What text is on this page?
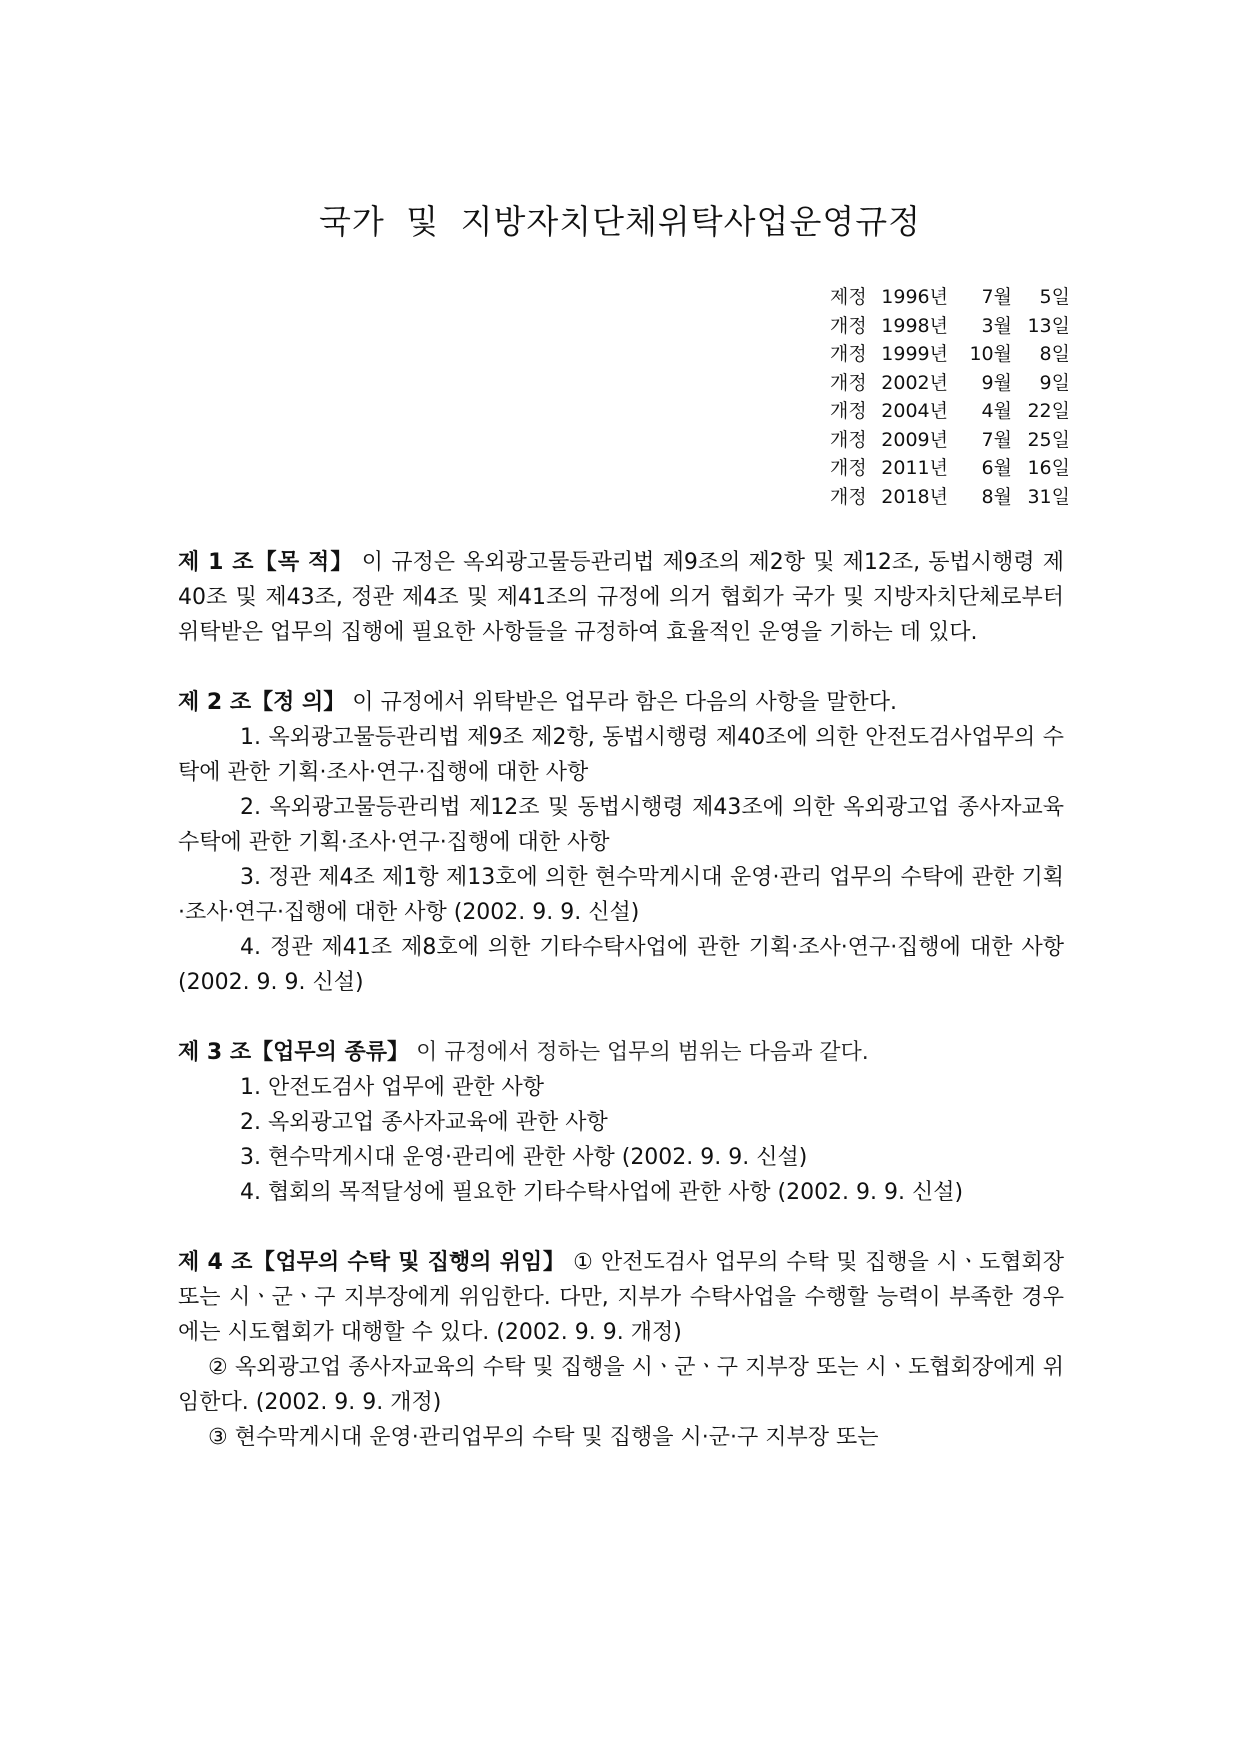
국가 및 지방자치단체위탁사업운영규정
제정 1996년	7월	5일
개정 1998년	3월 13일
개정 1999년	10월	8일
개정 2002년	9월	9일
개정 2004년	4월 22일
개정 2009년	7월 25일
개정 2011년	6월 16일
개정 2018년	8월 31일

제 1 조【목 적】 이 규정은 옥외광고물등관리법 제9조의 제2항 및 제12조, 동법시행령 제40조 및 제43조, 정관 제4조 및 제41조의 규정에 의거 협회가 국가 및 지방자치단체로부터 위탁받은 업무의 집행에 필요한 사항들을 규정하여 효율적인 운영을 기하는 데 있다.

제 2 조【정 의】 이 규정에서 위탁받은 업무라 함은 다음의 사항을 말한다.

1. 옥외광고물등관리법 제9조 제2항, 동법시행령 제40조에 의한 안전도검사업무의 수탁에 관한 기획·조사·연구·집행에 대한 사항

2. 옥외광고물등관리법 제12조 및 동법시행령 제43조에 의한 옥외광고업 종사자교육 수탁에 관한 기획·조사·연구·집행에 대한 사항

3. 정관 제4조 제1항 제13호에 의한 현수막게시대 운영·관리 업무의 수탁에 관한 기획·조사·연구·집행에 대한 사항 (2002. 9. 9. 신설)

4. 정관 제41조 제8호에 의한 기타수탁사업에 관한 기획·조사·연구·집행에 대한 사항(2002. 9. 9. 신설)

제 3 조【업무의 종류】 이 규정에서 정하는 업무의 범위는 다음과 같다.

1. 안전도검사 업무에 관한 사항

2. 옥외광고업 종사자교육에 관한 사항

3. 현수막게시대 운영·관리에 관한 사항 (2002. 9. 9. 신설)

4. 협회의 목적달성에 필요한 기타수탁사업에 관한 사항 (2002. 9. 9. 신설)

제 4 조【업무의 수탁 및 집행의 위임】 ① 안전도검사 업무의 수탁 및 집행을 시ㆍ도협회장 또는 시ㆍ군ㆍ구 지부장에게 위임한다. 다만, 지부가 수탁사업을 수행할 능력이 부족한 경우에는 시도협회가 대행할 수 있다. (2002. 9. 9. 개정)

② 옥외광고업 종사자교육의 수탁 및 집행을 시ㆍ군ㆍ구 지부장 또는 시ㆍ도협회장에게 위임한다. (2002. 9. 9. 개정)

③ 현수막게시대 운영·관리업무의 수탁 및 집행을 시·군·구 지부장 또는
